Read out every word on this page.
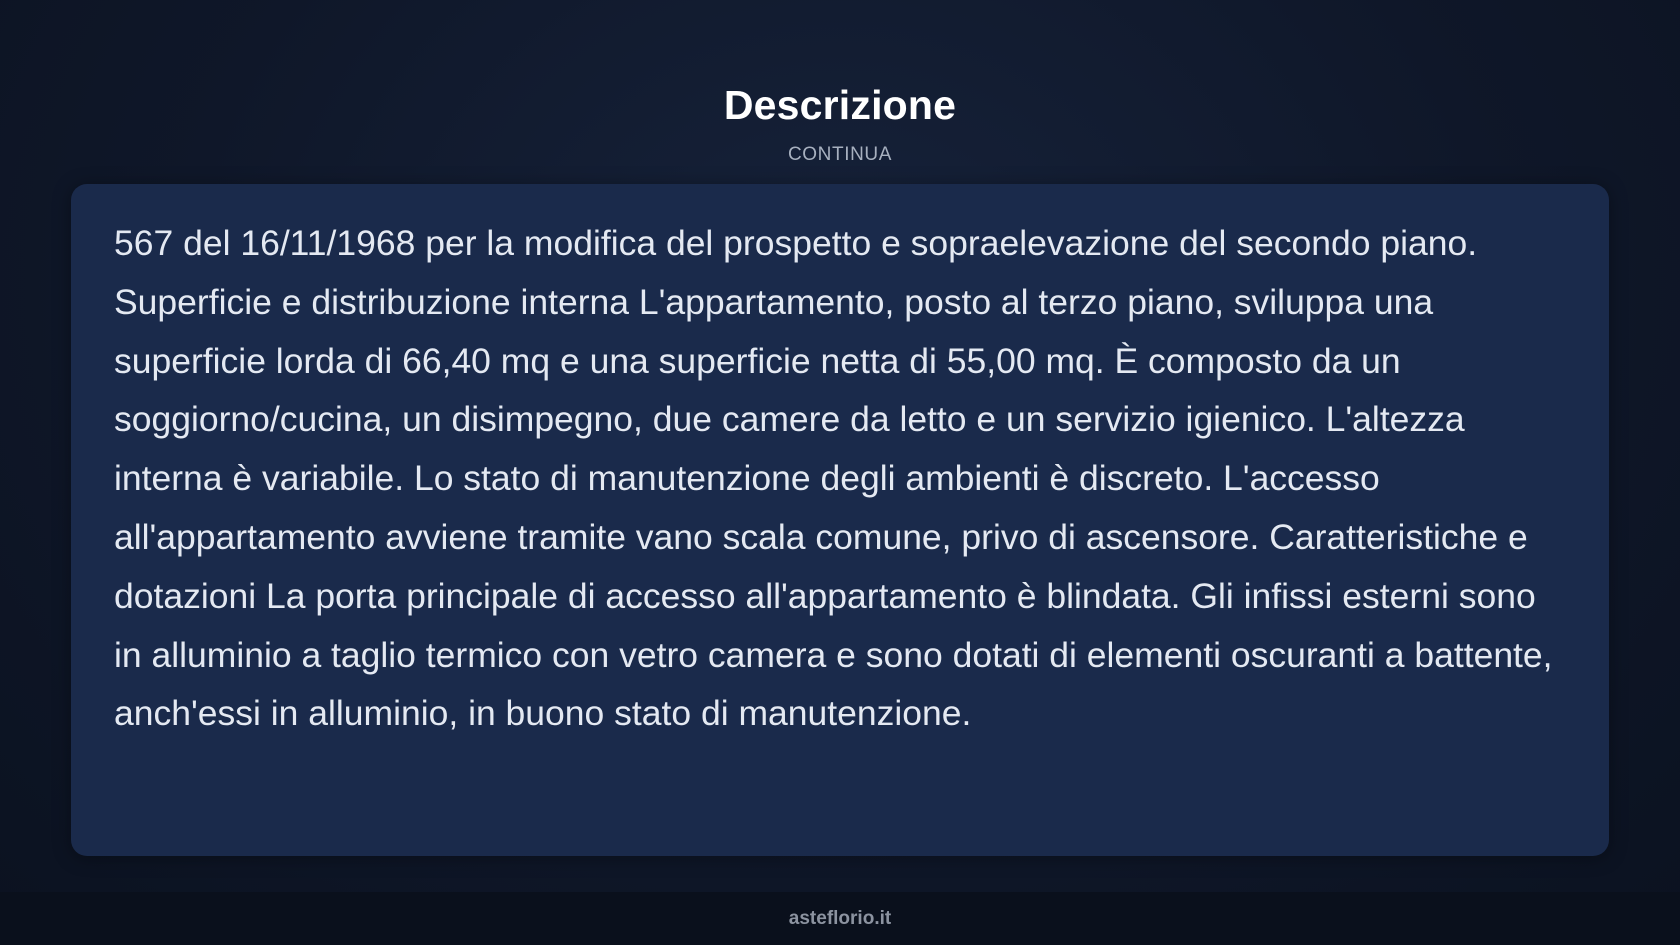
Descrizione
CONTINUA

567 del 16/11/1968 per la modifica del prospetto e sopraelevazione del secondo piano. Superficie e distribuzione interna L'appartamento, posto al terzo piano, sviluppa una superficie lorda di 66,40 mq e una superficie netta di 55,00 mq. È composto da un soggiorno/cucina, un disimpegno, due camere da letto e un servizio igienico. L'altezza interna è variabile. Lo stato di manutenzione degli ambienti è discreto. L'accesso all'appartamento avviene tramite vano scala comune, privo di ascensore. Caratteristiche e dotazioni La porta principale di accesso all'appartamento è blindata. Gli infissi esterni sono in alluminio a taglio termico con vetro camera e sono dotati di elementi oscuranti a battente, anch'essi in alluminio, in buono stato di manutenzione.

asteflorio.it
